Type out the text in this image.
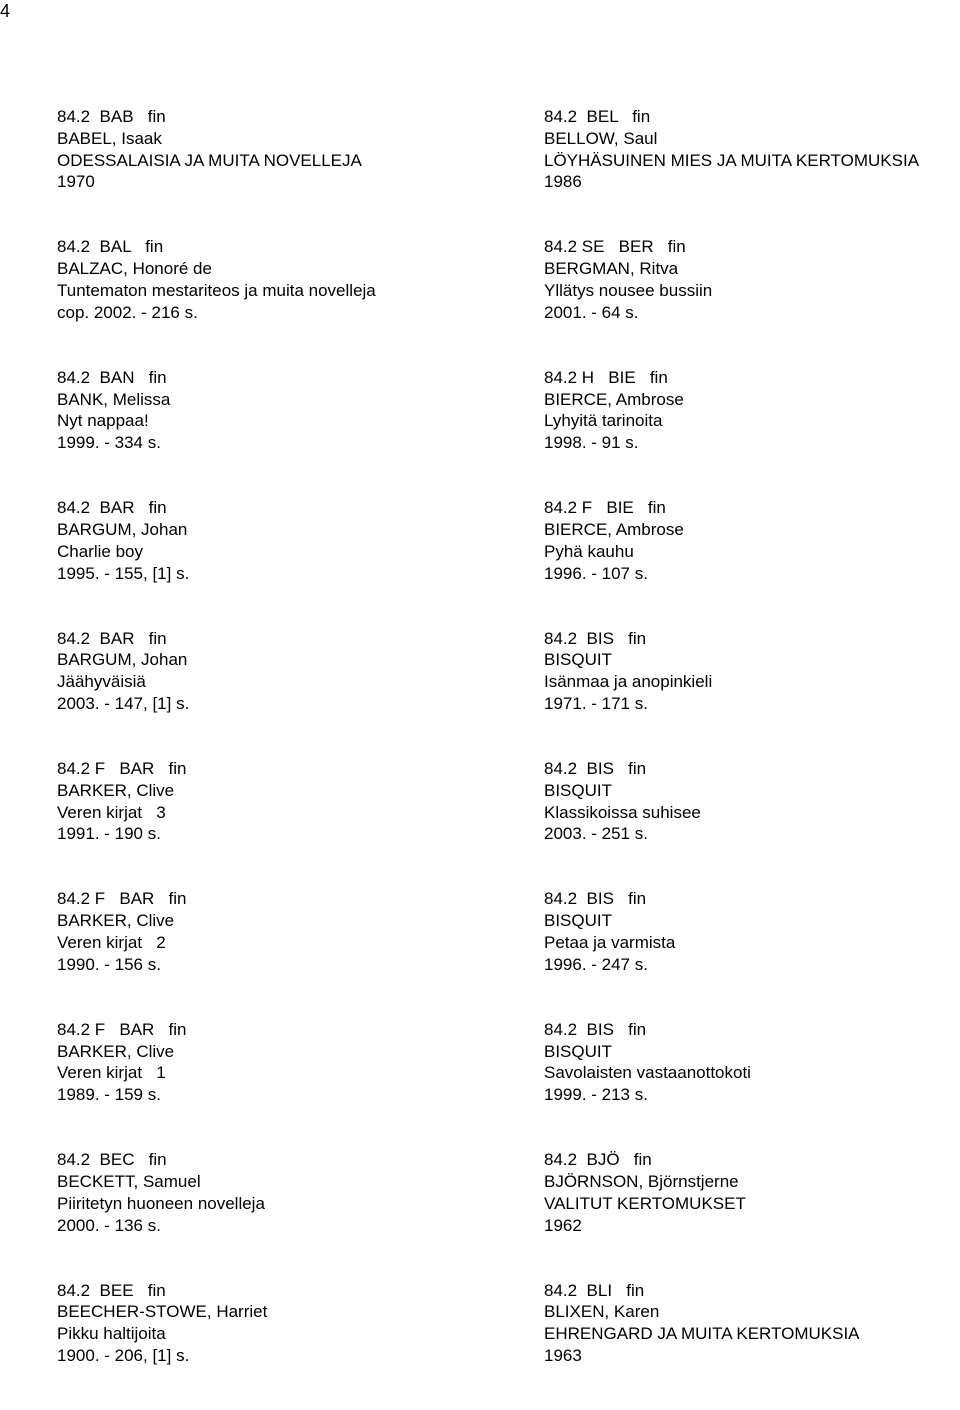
4
84.2  BAB   fin
BABEL, Isaak
ODESSALAISIA JA MUITA NOVELLEJA
1970
84.2  BAL   fin
BALZAC, Honoré de
Tuntematon mestariteos ja muita novelleja
cop. 2002. - 216 s.
84.2  BAN   fin
BANK, Melissa
Nyt nappaa!
1999. - 334 s.
84.2  BAR   fin
BARGUM, Johan
Charlie boy
1995. - 155, [1] s.
84.2  BAR   fin
BARGUM, Johan
Jäähyväisiä
2003. - 147, [1] s.
84.2 F   BAR   fin
BARKER, Clive
Veren kirjat   3
1991. - 190 s.
84.2 F   BAR   fin
BARKER, Clive
Veren kirjat   2
1990. - 156 s.
84.2 F   BAR   fin
BARKER, Clive
Veren kirjat   1
1989. - 159 s.
84.2  BEC   fin
BECKETT, Samuel
Piiritetyn huoneen novelleja
2000. - 136 s.
84.2  BEE   fin
BEECHER-STOWE, Harriet
Pikku haltijoita
1900. - 206, [1] s.
84.2  BEL   fin
BELLOW, Saul
LÖYHÄSUINEN MIES JA MUITA KERTOMUKSIA
1986
84.2 SE   BER   fin
BERGMAN, Ritva
Yllätys nousee bussiin
2001. - 64 s.
84.2 H   BIE   fin
BIERCE, Ambrose
Lyhyitä tarinoita
1998. - 91 s.
84.2 F   BIE   fin
BIERCE, Ambrose
Pyhä kauhu
1996. - 107 s.
84.2  BIS   fin
BISQUIT
Isänmaa ja anopinkieli
1971. - 171 s.
84.2  BIS   fin
BISQUIT
Klassikoissa suhisee
2003. - 251 s.
84.2  BIS   fin
BISQUIT
Petaa ja varmista
1996. - 247 s.
84.2  BIS   fin
BISQUIT
Savolaisten vastaanottokoti
1999. - 213 s.
84.2  BJÖ   fin
BJÖRNSON, Björnstjerne
VALITUT KERTOMUKSET
1962
84.2  BLI   fin
BLIXEN, Karen
EHRENGARD JA MUITA KERTOMUKSIA
1963
